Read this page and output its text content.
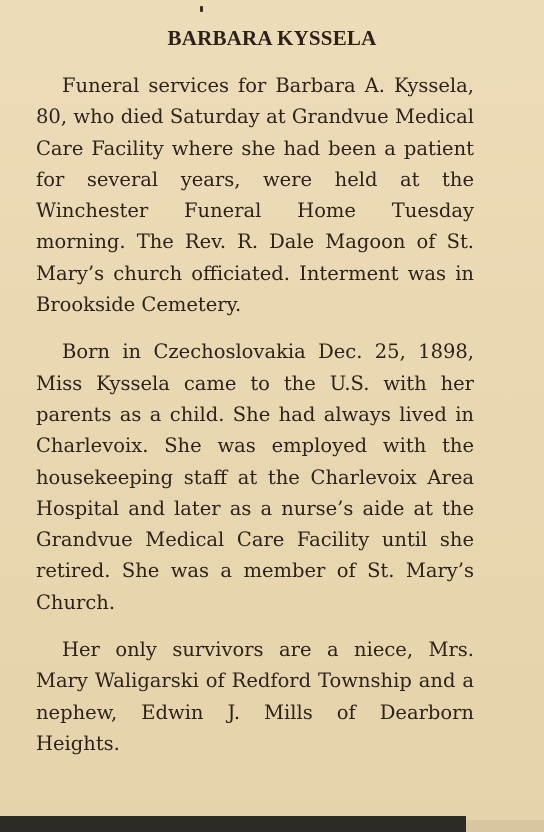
BARBARA KYSSELA

Funeral services for Barbara A. Kyssela, 80, who died Saturday at Grandvue Medical Care Facility where she had been a patient for several years, were held at the Winchester Funeral Home Tuesday morning. The Rev. R. Dale Magoon of St. Mary’s church officiated. Interment was in Brookside Cemetery.

Born in Czechoslovakia Dec. 25, 1898, Miss Kyssela came to the U.S. with her parents as a child. She had always lived in Charlevoix. She was employed with the housekeeping staff at the Charlevoix Area Hospital and later as a nurse’s aide at the Grandvue Medical Care Facility until she retired. She was a member of St. Mary’s Church.

Her only survivors are a niece, Mrs. Mary Waligarski of Redford Township and a nephew, Edwin J. Mills of Dearborn Heights.
